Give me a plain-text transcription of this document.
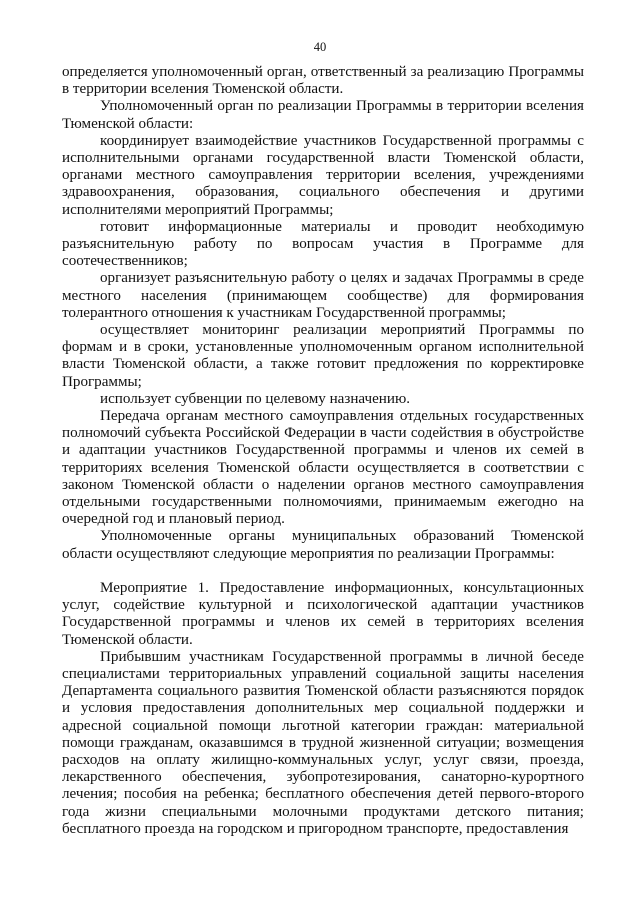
40

определяется уполномоченный орган, ответственный за реализацию Программы в территории вселения Тюменской области.

Уполномоченный орган по реализации Программы в территории вселения Тюменской области:

координирует взаимодействие участников Государственной программы с исполнительными органами государственной власти Тюменской области, органами местного самоуправления территории вселения, учреждениями здравоохранения, образования, социального обеспечения и другими исполнителями мероприятий Программы;

готовит информационные материалы и проводит необходимую разъяснительную работу по вопросам участия в Программе для соотечественников;

организует разъяснительную работу о целях и задачах Программы в среде местного населения (принимающем сообществе) для формирования толерантного отношения к участникам Государственной программы;

осуществляет мониторинг реализации мероприятий Программы по формам и в сроки, установленные уполномоченным органом исполнительной власти Тюменской области, а также готовит предложения по корректировке Программы;

использует субвенции по целевому назначению.

Передача органам местного самоуправления отдельных государственных полномочий субъекта Российской Федерации в части содействия в обустройстве и адаптации участников Государственной программы и членов их семей в территориях вселения Тюменской области осуществляется в соответствии с законом Тюменской области о наделении органов местного самоуправления отдельными государственными полномочиями, принимаемым ежегодно на очередной год и плановый период.

Уполномоченные органы муниципальных образований Тюменской области осуществляют следующие мероприятия по реализации Программы:

Мероприятие 1. Предоставление информационных, консультационных услуг, содействие культурной и психологической адаптации участников Государственной программы и членов их семей в территориях вселения Тюменской области.

Прибывшим участникам Государственной программы в личной беседе специалистами территориальных управлений социальной защиты населения Департамента социального развития Тюменской области разъясняются порядок и условия предоставления дополнительных мер социальной поддержки и адресной социальной помощи льготной категории граждан: материальной помощи гражданам, оказавшимся в трудной жизненной ситуации; возмещения расходов на оплату жилищно-коммунальных услуг, услуг связи, проезда, лекарственного обеспечения, зубопротезирования, санаторно-курортного лечения; пособия на ребенка; бесплатного обеспечения детей первого-второго года жизни специальными молочными продуктами детского питания; бесплатного проезда на городском и пригородном транспорте, предоставления
